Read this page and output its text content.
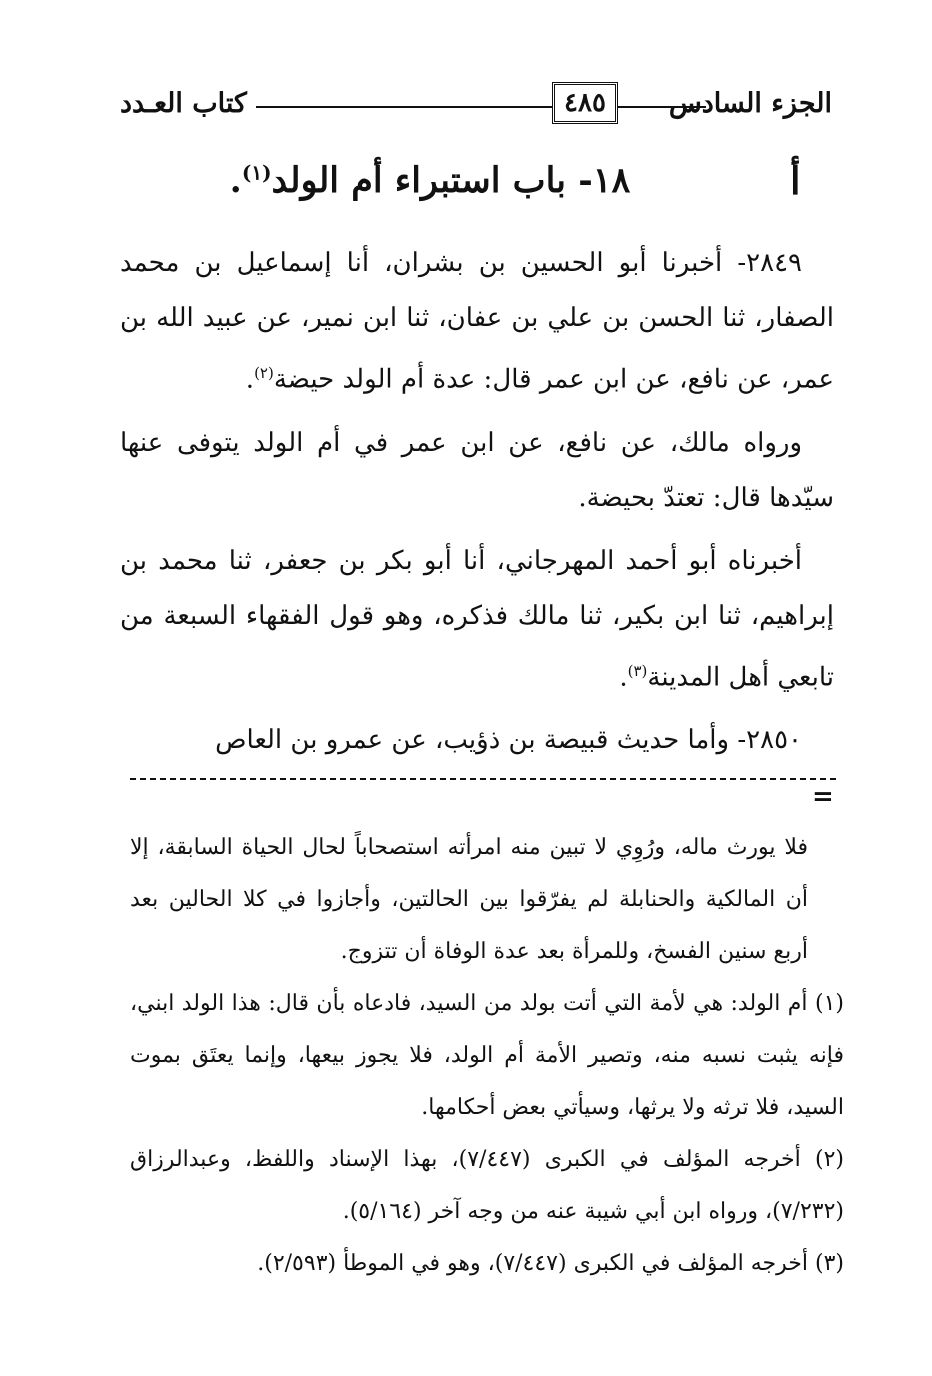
كتاب العـدد	٤٨٥	الجزء السادس
أ
١٨- باب استبراء أم الولد$^{(١)}$.

٢٨٤٩- أخبرنا أبو الحسين بن بشران، أنا إسماعيل بن محمد الصفار، ثنا الحسن بن علي بن عفان، ثنا ابن نمير، عن عبيد الله بن عمر، عن نافع، عن ابن عمر قال: عدة أم الولد حيضة$^{(٢)}$.

ورواه مالك، عن نافع، عن ابن عمر في أم الولد يتوفى عنها سيّدها قال: تعتدّ بحيضة.

أخبرناه أبو أحمد المهرجاني، أنا أبو بكر بن جعفر، ثنا محمد بن إبراهيم، ثنا ابن بكير، ثنا مالك فذكره، وهو قول الفقهاء السبعة من تابعي أهل المدينة$^{(٣)}$.

٢٨٥٠- وأما حديث قبيصة بن ذؤيب، عن عمرو بن العاص

=

فلا يورث ماله، ورُوِي لا تبين منه امرأته استصحاباً لحال الحياة السابقة، إلا أن المالكية والحنابلة لم يفرّقوا بين الحالتين، وأجازوا في كلا الحالين بعد أربع سنين الفسخ، وللمرأة بعد عدة الوفاة أن تتزوج.

(١) أم الولد: هي لأمة التي أتت بولد من السيد، فادعاه بأن قال: هذا الولد ابني، فإنه يثبت نسبه منه، وتصير الأمة أم الولد، فلا يجوز بيعها، وإنما يعتَق بموت السيد، فلا ترثه ولا يرثها، وسيأتي بعض أحكامها.

(٢) أخرجه المؤلف في الكبرى (٧/٤٤٧)، بهذا الإسناد واللفظ، وعبدالرزاق (٧/٢٣٢)، ورواه ابن أبي شيبة عنه من وجه آخر (٥/١٦٤).

(٣) أخرجه المؤلف في الكبرى (٧/٤٤٧)، وهو في الموطأ (٢/٥٩٣).
